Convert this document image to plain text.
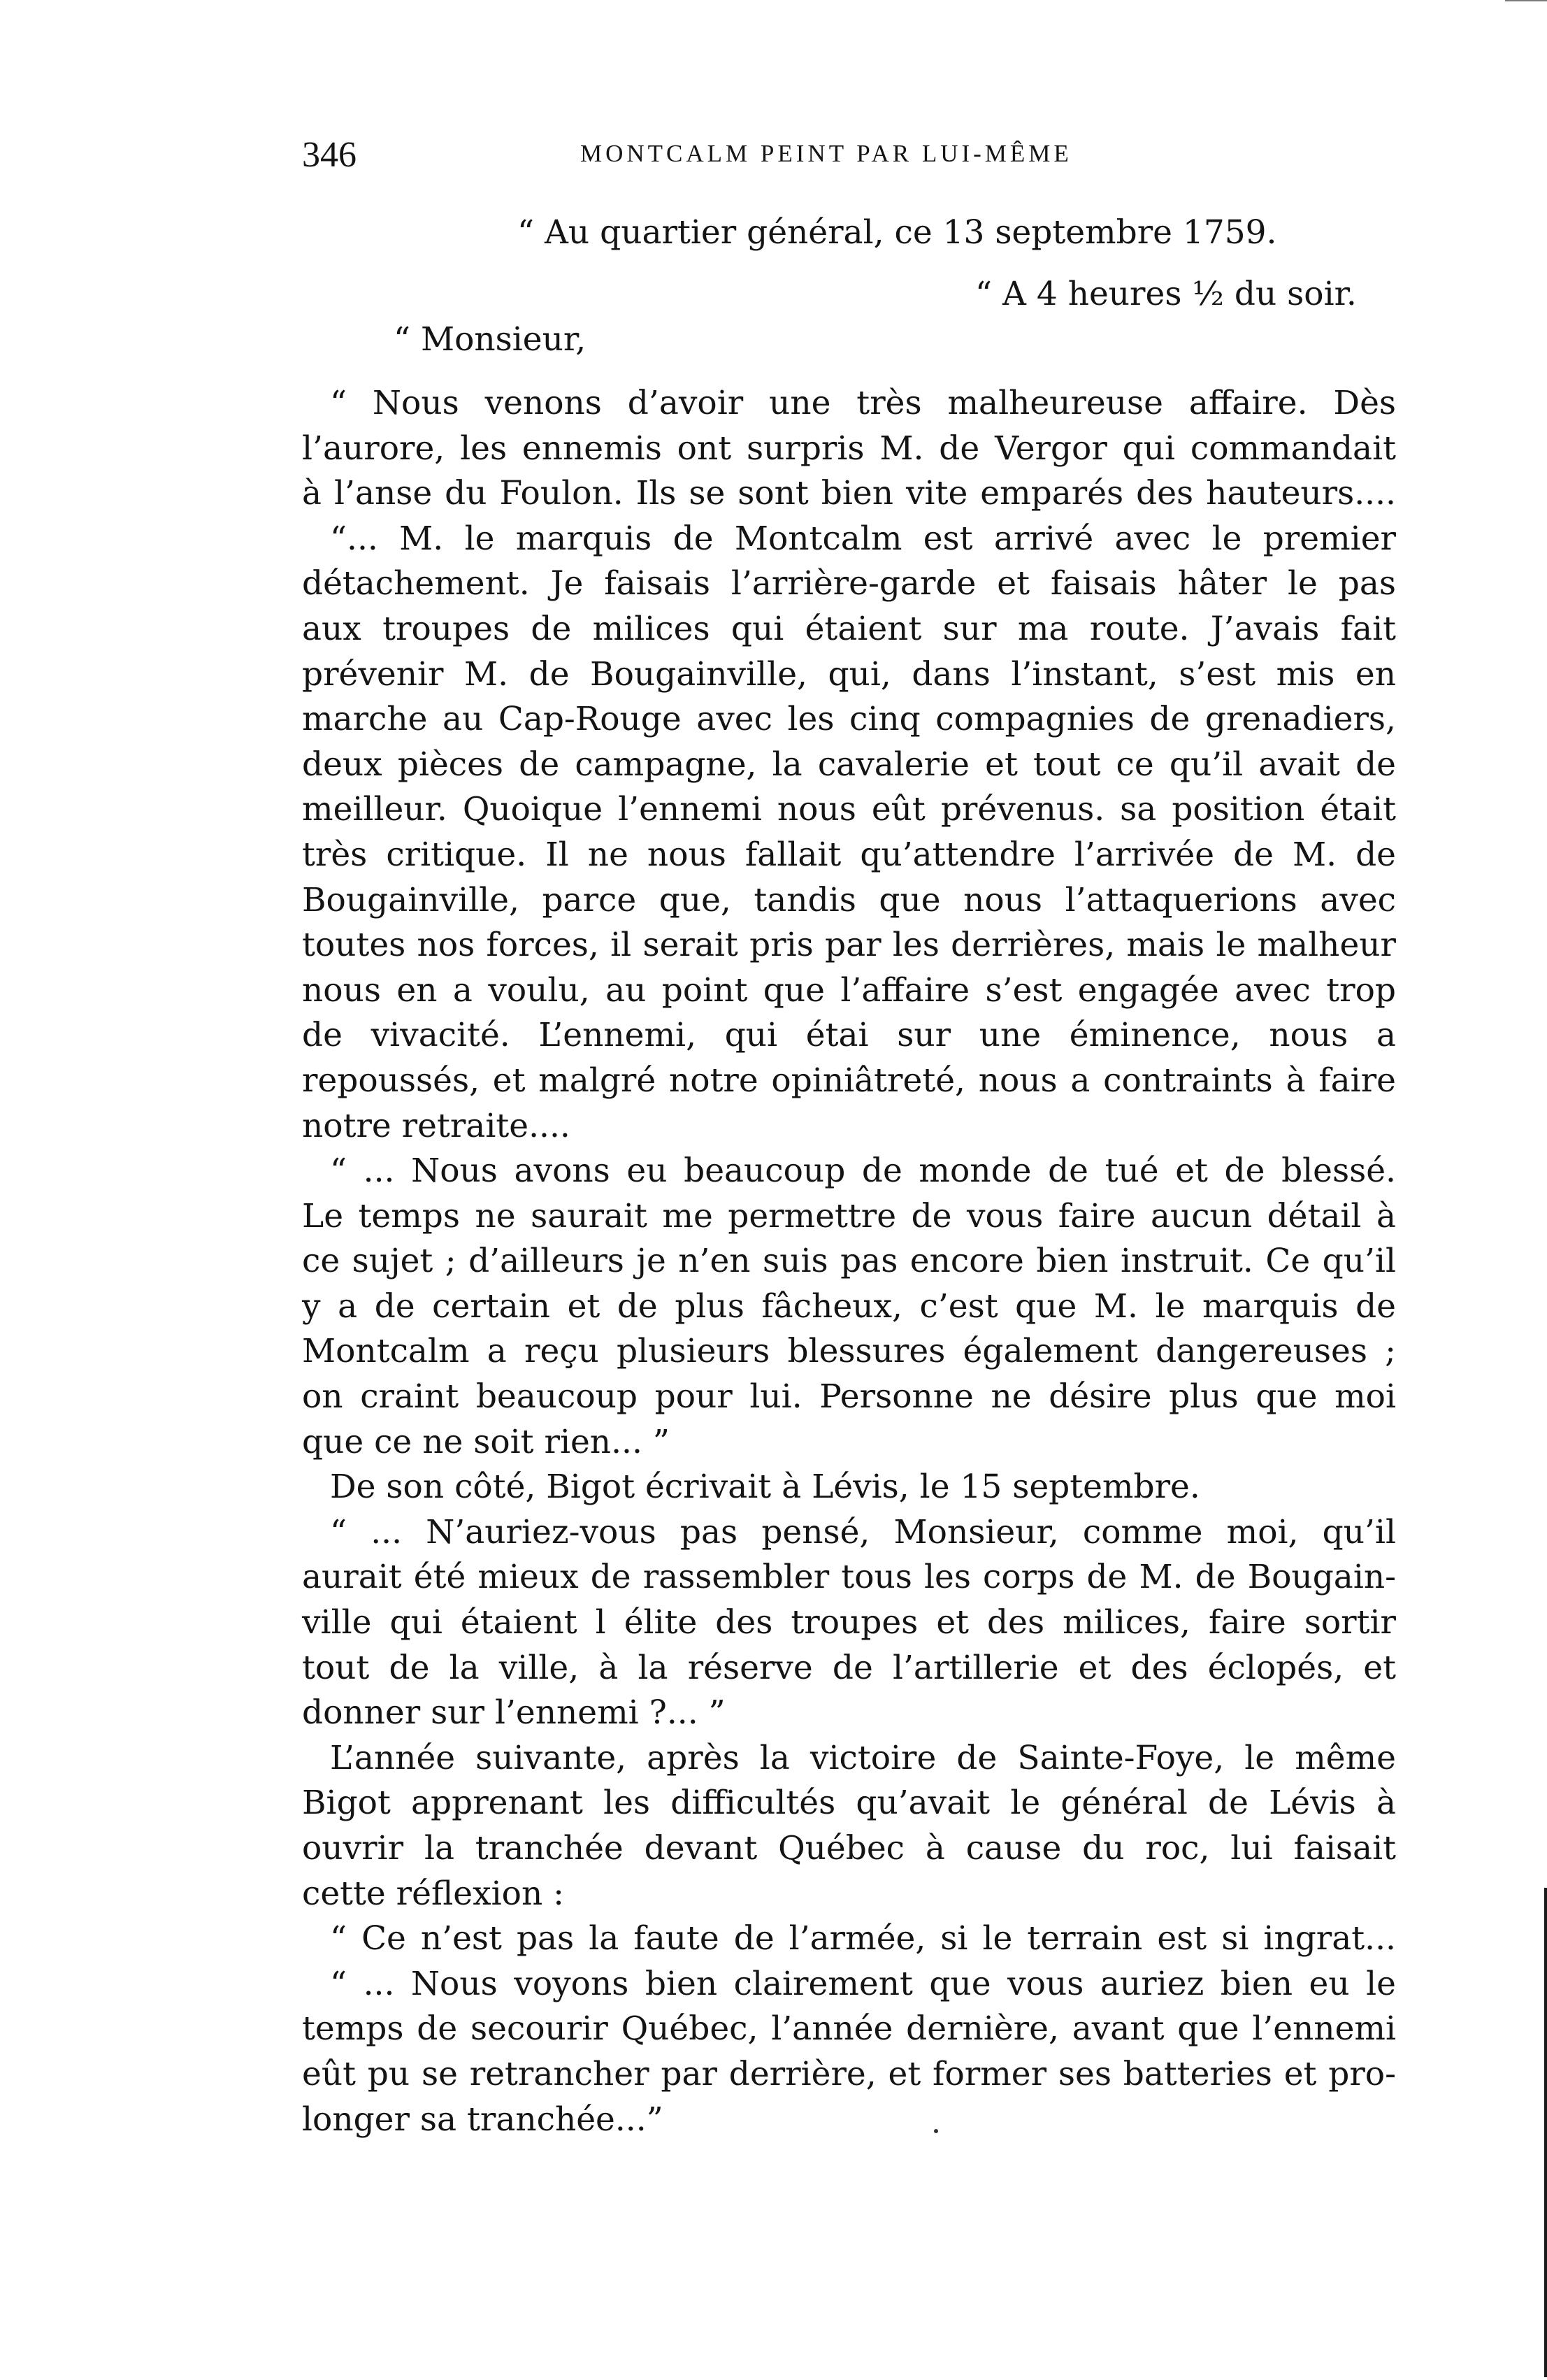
346	MONTCALM PEINT PAR LUI-MÊME
“ Au quartier général, ce 13 septembre 1759.
“ A 4 heures ½ du soir.
“ Monsieur,
“ Nous venons d’avoir une très malheureuse affaire. Dès
l’aurore, les ennemis ont surpris M. de Vergor qui commandait
à l’anse du Foulon. Ils se sont bien vite emparés des hauteurs....
“... M. le marquis de Montcalm est arrivé avec le premier
détachement. Je faisais l’arrière-garde et faisais hâter le pas
aux troupes de milices qui étaient sur ma route. J’avais fait
prévenir M. de Bougainville, qui, dans l’instant, s’est mis en
marche au Cap-Rouge avec les cinq compagnies de grenadiers,
deux pièces de campagne, la cavalerie et tout ce qu’il avait de
meilleur. Quoique l’ennemi nous eût prévenus. sa position était
très critique. Il ne nous fallait qu’attendre l’arrivée de M. de
Bougainville, parce que, tandis que nous l’attaquerions avec
toutes nos forces, il serait pris par les derrières, mais le malheur
nous en a voulu, au point que l’affaire s’est engagée avec trop
de vivacité. L’ennemi, qui étai sur une éminence, nous a
repoussés, et malgré notre opiniâtreté, nous a contraints à faire
notre retraite....
“ ... Nous avons eu beaucoup de monde de tué et de blessé.
Le temps ne saurait me permettre de vous faire aucun détail à
ce sujet ; d’ailleurs je n’en suis pas encore bien instruit. Ce qu’il
y a de certain et de plus fâcheux, c’est que M. le marquis de
Montcalm a reçu plusieurs blessures également dangereuses ;
on craint beaucoup pour lui. Personne ne désire plus que moi
que ce ne soit rien... ”
De son côté, Bigot écrivait à Lévis, le 15 septembre.
“ ... N’auriez-vous pas pensé, Monsieur, comme moi, qu’il
aurait été mieux de rassembler tous les corps de M. de Bougain-
ville qui étaient l élite des troupes et des milices, faire sortir
tout de la ville, à la réserve de l’artillerie et des éclopés, et
donner sur l’ennemi ?... ”
L’année suivante, après la victoire de Sainte-Foye, le même
Bigot apprenant les difficultés qu’avait le général de Lévis à
ouvrir la tranchée devant Québec à cause du roc, lui faisait
cette réflexion :
“ Ce n’est pas la faute de l’armée, si le terrain est si ingrat...
“ ... Nous voyons bien clairement que vous auriez bien eu le
temps de secourir Québec, l’année dernière, avant que l’ennemi
eût pu se retrancher par derrière, et former ses batteries et pro-
longer sa tranchée...”
